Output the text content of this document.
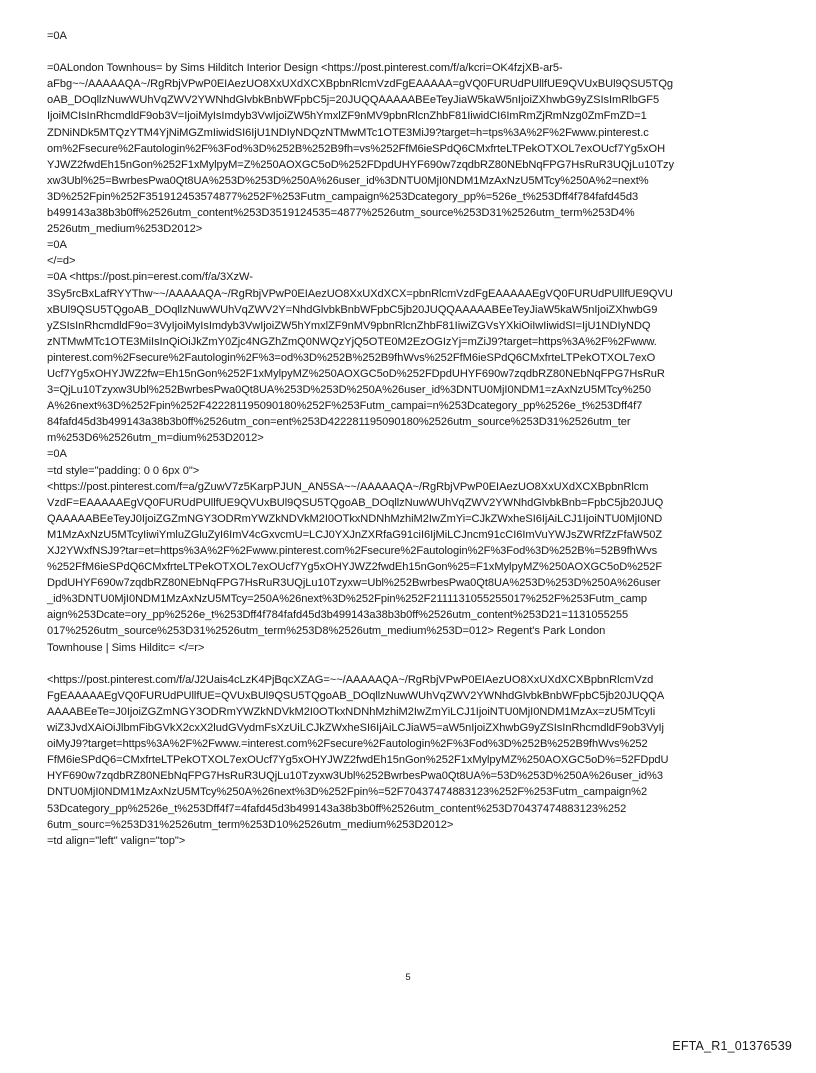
=0A
=0ALondon Townhous= by Sims Hilditch Interior Design <https://post.pinterest.com/f/a/kcri=OK4fzjXB-ar5-
aFbg~~/AAAAAQA~/RgRbjVPwP0EIAezUO8XxUXdXCXBpbnRlcmVzdFgEAAAAA=gVQ0FURUdPUllfUE9QVUxBUl9QSU5TQg
oAB_DOqllzNuwWUhVqZWV2YWNhdGlvbkBnbWFpbC5j=20JUQQAAAAABEeTeyJiaW5kaW5nIjoiZXhwbG9yZSIsImRlbGF5
IjoiMCIsInRhcmdldF9ob3V=IjoiMyIsImdyb3VwIjoiZW5hYmxlZF9nMV9pbnRlcnZhbF81IiwidCI6ImRmZjRmNzg0ZmFmZD=1
ZDNiNDk5MTQzYTM4YjNiMGZmIiwidSI6IjU1NDIyNDQzNTMwMTc1OTE3MiJ9?target=h=tps%3A%2F%2Fwww.pinterest.c
om%2Fsecure%2Fautologin%2F%3Fod%3D%252B%252B9fh=vs%252FfM6ieSPdQ6CMxfrteLTPekOTXOL7exOUcf7Yg5xOH
YJWZ2fwdEh15nGon%252F1xMylpyM=Z%250AOXGC5oD%252FDpdUHYF690w7zqdbRZ80NEbNqFPG7HsRuR3UQjLu10Tzy
xw3Ubl%25=BwrbesPwa0Qt8UA%253D%253D%250A%26user_id%3DNTU0MjI0NDM1MzAxNzU5MTcy%250A%2=next%
3D%252Fpin%252F351912453574877%252F%253Futm_campaign%253Dcategory_pp%=526e_t%253Dff4f784fafd45d3
b499143a38b3b0ff%2526utm_content%253D3519124535=4877%2526utm_source%253D31%2526utm_term%253D4%
2526utm_medium%253D2012>
=0A
</=d>
=0A <https://post.pin=erest.com/f/a/3XzW-
3Sy5rcBxLafRYYThw~~/AAAAAQA~/RgRbjVPwP0EIAezUO8XxUXdXCX=pbnRlcmVzdFgEAAAAAEgVQ0FURUdPUllfUE9QVU
xBUl9QSU5TQgoAB_DOqllzNuwWUhVqZWV2Y=NhdGlvbkBnbWFpbC5jb20JUQQAAAAABEeTeyJiaW5kaW5nIjoiZXhwbG9
yZSIsInRhcmdldF9o=3VyIjoiMyIsImdyb3VwIjoiZW5hYmxlZF9nMV9pbnRlcnZhbF81IiwiZGVsYXkiOiIwIiwidSI=IjU1NDIyNDQ
zNTMwMTc1OTE3MiIsInQiOiJkZmY0Zjc4NGZhZmQ0NWQzYjQ5OTE0M2EzOGIzYj=mZiJ9?target=https%3A%2F%2Fwww.
pinterest.com%2Fsecure%2Fautologin%2F%3=od%3D%252B%252B9fhWvs%252FfM6ieSPdQ6CMxfrteLTPekOTXOL7exO
Ucf7Yg5xOHYJWZ2fw=Eh15nGon%252F1xMylpyMZ%250AOXGC5oD%252FDpdUHYF690w7zqdbRZ80NEbNqFPG7HsRuR
3=QjLu10Tzyxw3Ubl%252BwrbesPwa0Qt8UA%253D%253D%250A%26user_id%3DNTU0MjI0NDM1=zAxNzU5MTcy%250
A%26next%3D%252Fpin%252F422281195090180%252F%253Futm_campai=n%253Dcategory_pp%2526e_t%253Dff4f7
84fafd45d3b499143a38b3b0ff%2526utm_con=ent%253D422281195090180%2526utm_source%253D31%2526utm_ter
m%253D6%2526utm_m=dium%253D2012>
=0A
=td style="padding: 0 0 6px 0">
<https://post.pinterest.com/f=a/gZuwV7z5KarpPJUN_AN5SA~~/AAAAAQA~/RgRbjVPwP0EIAezUO8XxUXdXCXBpbnRlcm
VzdF=EAAAAAEgVQ0FURUdPUllfUE9QVUxBUl9QSU5TQgoAB_DOqllzNuwWUhVqZWV2YWNhdGlvbkBnb=FpbC5jb20JUQ
QAAAAABEeTeyJ0IjoiZGZmNGY3ODRmYWZkNDVkM2I0OTkxNDNhMzhiM2IwZmYi=CJkZWxheSI6IjAiLCJ1IjoiNTU0MjI0ND
M1MzAxNzU5MTcyIiwiYmluZGluZyI6ImV4cGxvcmU=LCJ0YXJnZXRfaG91ciI6IjMiLCJncm91cCI6ImVuYWJsZWRfZzFfaW50Z
XJ2YWxfNSJ9?tar=et=https%3A%2F%2Fwww.pinterest.com%2Fsecure%2Fautologin%2F%3Fod%3D%252B%=52B9fhWvs
%252FfM6ieSPdQ6CMxfrteLTPekOTXOL7exOUcf7Yg5xOHYJWZ2fwdEh15nGon%25=F1xMylpyMZ%250AOXGC5oD%252F
DpdUHYF690w7zqdbRZ80NEbNqFPG7HsRuR3UQjLu10Tzyxw=Ubl%252BwrbesPwa0Qt8UA%253D%253D%250A%26user
_id%3DNTU0MjI0NDM1MzAxNzU5MTcy=250A%26next%3D%252Fpin%252F2111131055255017%252F%253Futm_camp
aign%253Dcate=ory_pp%2526e_t%253Dff4f784fafd45d3b499143a38b3b0ff%2526utm_content%253D21=1131055255
017%2526utm_source%253D31%2526utm_term%253D8%2526utm_medium%253D=012> Regent's Park London
Townhouse | Sims Hilditc= </=r>
<https://post.pinterest.com/f/a/J2Uais4cLzK4PjBqcXZAG=~~/AAAAAQA~/RgRbjVPwP0EIAezUO8XxUXdXCXBpbnRlcmVzd
FgEAAAAAEgVQ0FURUdPUllfUE=QVUxBUl9QSU5TQgoAB_DOqllzNuwWUhVqZWV2YWNhdGlvbkBnbWFpbC5jb20JUQQA
AAAABEeTe=J0IjoiZGZmNGY3ODRmYWZkNDVkM2I0OTkxNDNhMzhiM2IwZmYiLCJ1IjoiNTU0MjI0NDM1MzAx=zU5MTcyIi
wiZ3JvdXAiOiJlbmFibGVkX2cxX2ludGVydmFsXzUiLCJkZWxheSI6IjAiLCJiaW5=aW5nIjoiZXhwbG9yZSIsInRhcmdldF9ob3VyIj
oiMyJ9?target=https%3A%2F%2Fwww.=interest.com%2Fsecure%2Fautologin%2F%3Fod%3D%252B%252B9fhWvs%252
FfM6ieSPdQ6=CMxfrteLTPekOTXOL7exOUcf7Yg5xOHYJWZ2fwdEh15nGon%252F1xMylpyMZ%250AOXGC5oD%=52FDpdU
HYF690w7zqdbRZ80NEbNqFPG7HsRuR3UQjLu10Tzyxw3Ubl%252BwrbesPwa0Qt8UA%=53D%253D%250A%26user_id%3
DNTU0MjI0NDM1MzAxNzU5MTcy%250A%26next%3D%252Fpin%=52F70437474883123%252F%253Futm_campaign%2
53Dcategory_pp%2526e_t%253Dff4f7=4fafd45d3b499143a38b3b0ff%2526utm_content%253D70437474883123%252
6utm_sourc=%253D31%2526utm_term%253D10%2526utm_medium%253D2012>
=td align="left" valign="top">
5
EFTA_R1_01376539
